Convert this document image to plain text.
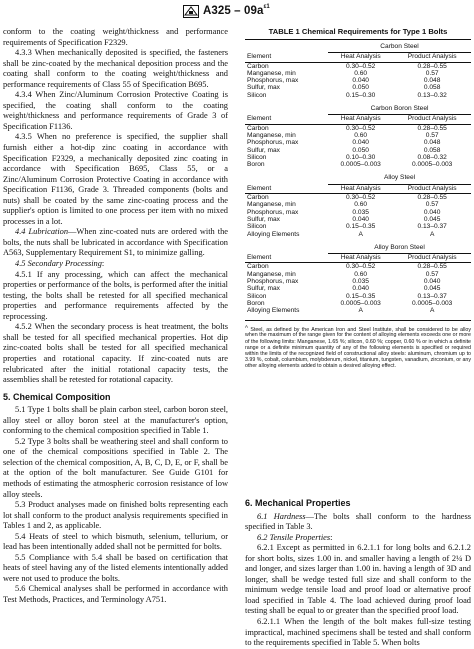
$A325 - 09a^{\varepsilon 1}$

conform to the coating weight/thickness and performance requirements of Specification F2329.

4.3.3 When mechanically deposited is specified, the fasteners shall be zinc-coated by the mechanical deposition process and the coating shall conform to the coating weight/thickness and performance requirements of Class 55 of Specification B695.

4.3.4 When Zinc/Aluminum Corrosion Protective Coating is specified, the coating shall conform to the coating weight/thickness and performance requirements of Grade 3 of Specification F1136.

4.3.5 When no preference is specified, the supplier shall furnish either a hot-dip zinc coating in accordance with Specification F2329, a mechanically deposited zinc coating in accordance with Specification B695, Class 55, or a Zinc/Aluminum Corrosion Protective Coating in accordance with Specification F1136, Grade 3. Threaded components (bolts and nuts) shall be coated by the same zinc-coating process and the supplier's option is limited to one process per item with no mixed processes in a lot.

4.4 Lubrication—When zinc-coated nuts are ordered with the bolts, the nuts shall be lubricated in accordance with Specification A563, Supplementary Requirement S1, to minimize galling.

4.5 Secondary Processing:

4.5.1 If any processing, which can affect the mechanical properties or performance of the bolts, is performed after the initial testing, the bolts shall be retested for all specified mechanical properties and performance requirements affected by the reprocessing.

4.5.2 When the secondary process is heat treatment, the bolts shall be tested for all specified mechanical properties. Hot dip zinc-coated bolts shall be tested for all specified mechanical properties and rotational capacity. If zinc-coated nuts are relubricated after the initial rotational capacity tests, the assemblies shall be retested for rotational capacity.

5. Chemical Composition

5.1 Type 1 bolts shall be plain carbon steel, carbon boron steel, alloy steel or alloy boron steel at the manufacturer's option, conforming to the chemical composition specified in Table 1.

5.2 Type 3 bolts shall be weathering steel and shall conform to one of the chemical compositions specified in Table 2. The selection of the chemical composition, A, B, C, D, E, or F, shall be at the option of the bolt manufacturer. See Guide G101 for methods of estimating the atmospheric corrosion resistance of low alloy steels.

5.3 Product analyses made on finished bolts representing each lot shall conform to the product analysis requirements specified in Tables 1 and 2, as applicable.

5.4 Heats of steel to which bismuth, selenium, tellurium, or lead has been intentionally added shall not be permitted for bolts.

5.5 Compliance with 5.4 shall be based on certification that heats of steel having any of the listed elements intentionally added were not used to produce the bolts.

5.6 Chemical analyses shall be performed in accordance with Test Methods, Practices, and Terminology A751.

TABLE 1 Chemical Requirements for Type 1 Bolts
	Carbon Steel	
Element	Heat Analysis	Product Analysis
Carbon	0.30–0.52	0.28–0.55
Manganese, min	0.60	0.57
Phosphorus, max	0.040	0.048
Sulfur, max	0.050	0.058
Silicon	0.15–0.30	0.13–0.32
	Carbon Boron Steel	
Element	Heat Analysis	Product Analysis
Carbon	0.30–0.52	0.28–0.55
Manganese, min	0.60	0.57
Phosphorus, max	0.040	0.048
Sulfur, max	0.050	0.058
Silicon	0.10–0.30	0.08–0.32
Boron	0.0005–0.003	0.0005–0.003
	Alloy Steel	
Element	Heat Analysis	Product Analysis
Carbon	0.30–0.52	0.28–0.55
Manganese, min	0.60	0.57
Phosphorus, max	0.035	0.040
Sulfur, max	0.040	0.045
Silicon	0.15–0.35	0.13–0.37
Alloying Elements	A	A
	Alloy Boron Steel	
Element	Heat Analysis	Product Analysis
Carbon	0.30–0.52	0.28–0.55
Manganese, min	0.60	0.57
Phosphorus, max	0.035	0.040
Sulfur, max	0.040	0.045
Silicon	0.15–0.35	0.13–0.37
Boron	0.0005–0.003	0.0005–0.003
Alloying Elements	A	A
$^A$ Steel, as defined by the American Iron and Steel Institute, shall be considered to be alloy when the maximum of the range given for the content of alloying elements exceeds one or more of the following limits: Manganese, 1.65 %; silicon, 0.60 %; copper, 0.60 % or in which a definite range or a definite minimum quantity of any of the following elements is specified or required within the limits of the recognized field of constructional alloy steels: aluminum, chromium up to 3.99 %, cobalt, columbium, molybdenum, nickel, titanium, tungsten, vanadium, zirconium, or any other alloying elements added to obtain a desired alloying effect.
6. Mechanical Properties

6.1 Hardness—The bolts shall conform to the hardness specified in Table 3.

6.2 Tensile Properties:

6.2.1 Except as permitted in 6.2.1.1 for long bolts and 6.2.1.2 for short bolts, sizes 1.00 in. and smaller having a length of 2¼ D and longer, and sizes larger than 1.00 in. having a length of 3D and longer, shall be wedge tested full size and shall conform to the minimum wedge tensile load and proof load or alternative proof load specified in Table 4. The load achieved during proof load testing shall be equal to or greater than the specified proof load.

6.2.1.1 When the length of the bolt makes full-size testing impractical, machined specimens shall be tested and shall conform to the requirements specified in Table 5. When bolts
